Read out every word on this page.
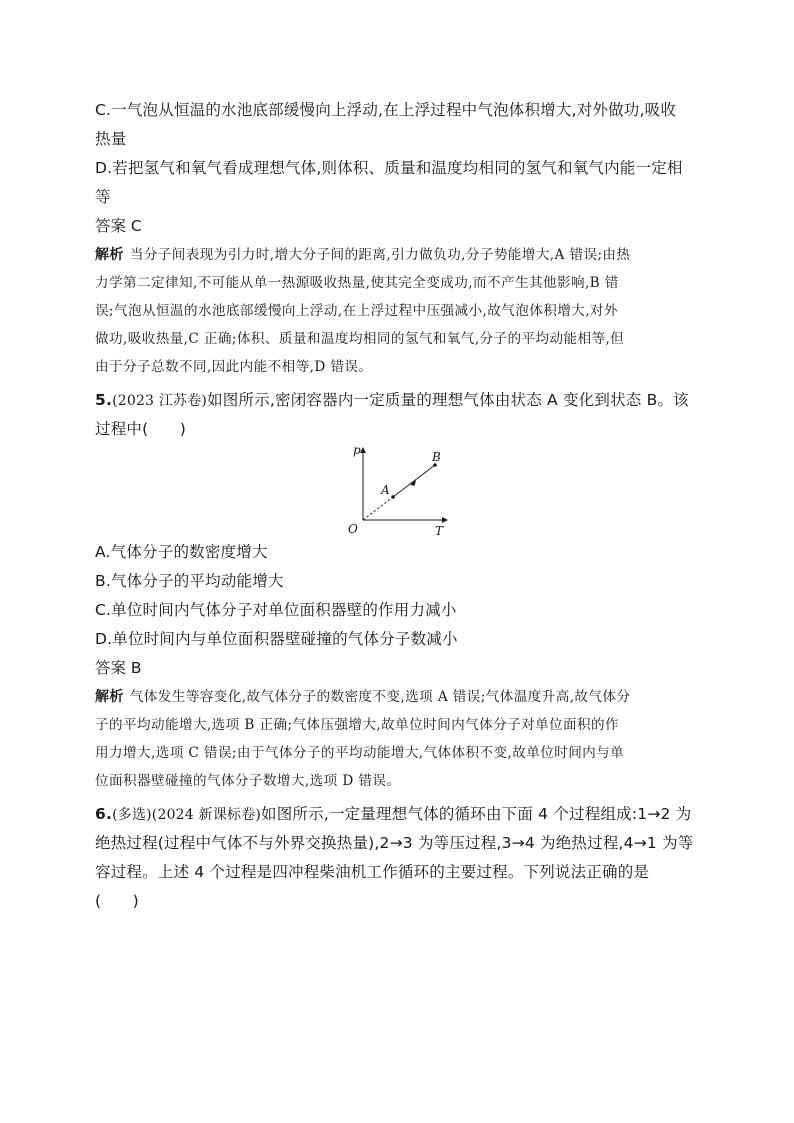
C.一气泡从恒温的水池底部缓慢向上浮动,在上浮过程中气泡体积增大,对外做功,吸收
热量
D.若把氢气和氧气看成理想气体,则体积、质量和温度均相同的氢气和氧气内能一定相
等
答案 C
解析 当分子间表现为引力时,增大分子间的距离,引力做负功,分子势能增大,A 错误;由热
力学第二定律知,不可能从单一热源吸收热量,使其完全变成功,而不产生其他影响,B 错
误;气泡从恒温的水池底部缓慢向上浮动,在上浮过程中压强减小,故气泡体积增大,对外
做功,吸收热量,C 正确;体积、质量和温度均相同的氢气和氧气,分子的平均动能相等,但
由于分子总数不同,因此内能不相等,D 错误。
5.(2023 江苏卷)如图所示,密闭容器内一定质量的理想气体由状态 A 变化到状态 B。该
过程中(　　)
p
T
O
A
B
A.气体分子的数密度增大
B.气体分子的平均动能增大
C.单位时间内气体分子对单位面积器壁的作用力减小
D.单位时间内与单位面积器壁碰撞的气体分子数减小
答案 B
解析 气体发生等容变化,故气体分子的数密度不变,选项 A 错误;气体温度升高,故气体分
子的平均动能增大,选项 B 正确;气体压强增大,故单位时间内气体分子对单位面积的作
用力增大,选项 C 错误;由于气体分子的平均动能增大,气体体积不变,故单位时间内与单
位面积器壁碰撞的气体分子数增大,选项 D 错误。
6.(多选)(2024 新课标卷)如图所示,一定量理想气体的循环由下面 4 个过程组成:1→2 为
绝热过程(过程中气体不与外界交换热量),2→3 为等压过程,3→4 为绝热过程,4→1 为等
容过程。上述 4 个过程是四冲程柴油机工作循环的主要过程。下列说法正确的是
(　　)
